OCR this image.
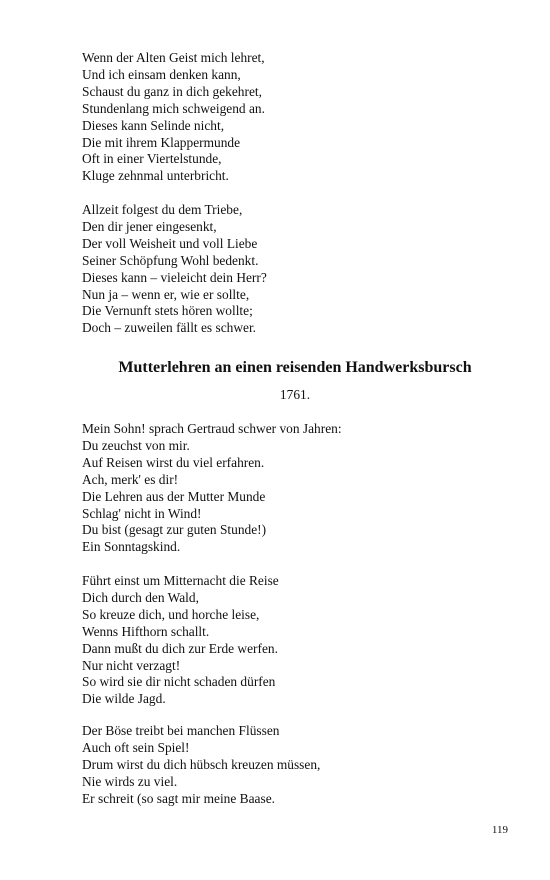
Wenn der Alten Geist mich lehret,
Und ich einsam denken kann,
Schaust du ganz in dich gekehret,
Stundenlang mich schweigend an.
Dieses kann Selinde nicht,
Die mit ihrem Klappermunde
Oft in einer Viertelstunde,
Kluge zehnmal unterbricht.
Allzeit folgest du dem Triebe,
Den dir jener eingesenkt,
Der voll Weisheit und voll Liebe
Seiner Schöpfung Wohl bedenkt.
Dieses kann – vieleicht dein Herr?
Nun ja – wenn er, wie er sollte,
Die Vernunft stets hören wollte;
Doch – zuweilen fällt es schwer.
Mutterlehren an einen reisenden Handwerksbursch
1761.
Mein Sohn! sprach Gertraud schwer von Jahren:
Du zeuchst von mir.
Auf Reisen wirst du viel erfahren.
Ach, merk' es dir!
Die Lehren aus der Mutter Munde
Schlag' nicht in Wind!
Du bist (gesagt zur guten Stunde!)
Ein Sonntagskind.
Führt einst um Mitternacht die Reise
Dich durch den Wald,
So kreuze dich, und horche leise,
Wenns Hifthorn schallt.
Dann mußt du dich zur Erde werfen.
Nur nicht verzagt!
So wird sie dir nicht schaden dürfen
Die wilde Jagd.
Der Böse treibt bei manchen Flüssen
Auch oft sein Spiel!
Drum wirst du dich hübsch kreuzen müssen,
Nie wirds zu viel.
Er schreit (so sagt mir meine Baase.
119
